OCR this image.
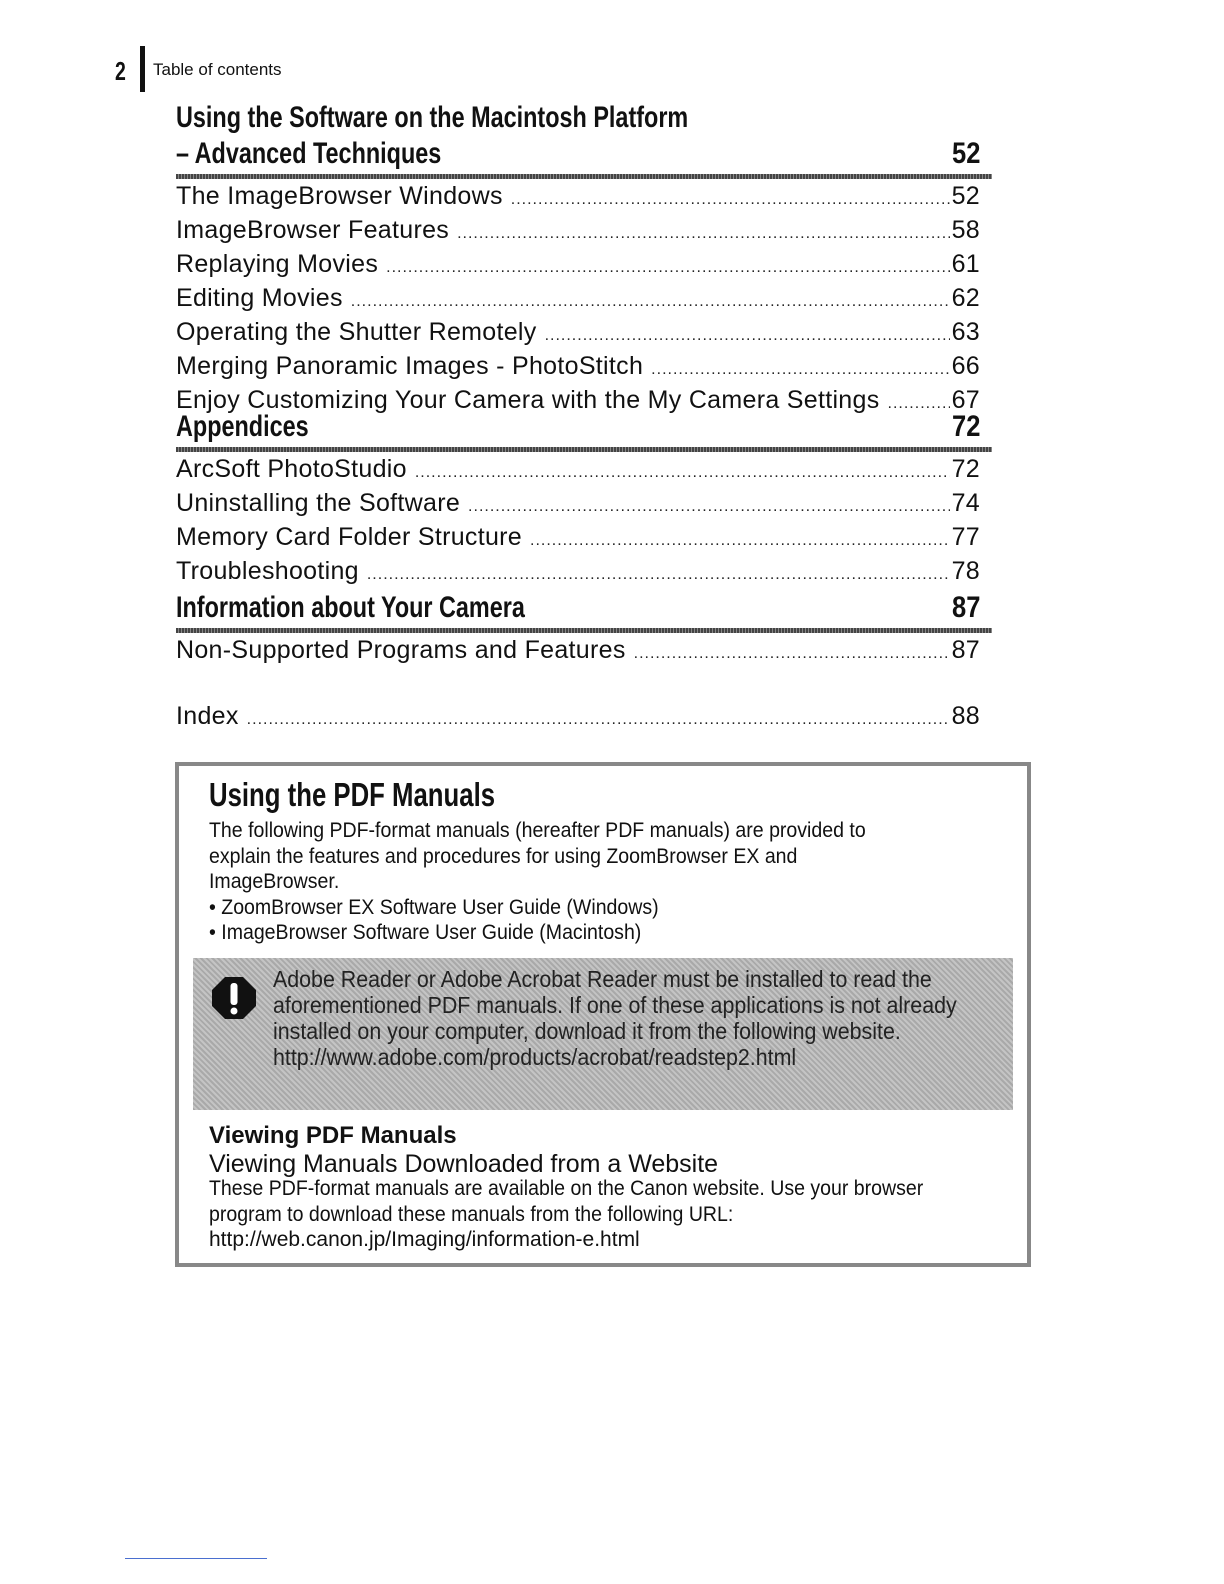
2 Table of contents
Using the Software on the Macintosh Platform
– Advanced Techniques	52
The ImageBrowser Windows .....	52
ImageBrowser Features .....	58
Replaying Movies .....	61
Editing Movies .....	62
Operating the Shutter Remotely .....	63
Merging Panoramic Images - PhotoStitch .....	66
Enjoy Customizing Your Camera with the My Camera Settings .....	67
Appendices	72
ArcSoft PhotoStudio .....	72
Uninstalling the Software .....	74
Memory Card Folder Structure .....	77
Troubleshooting .....	78
Information about Your Camera	87
Non-Supported Programs and Features .....	87
Index .....	88
Using the PDF Manuals
The following PDF-format manuals (hereafter PDF manuals) are provided to explain the features and procedures for using ZoomBrowser EX and ImageBrowser.
• ZoomBrowser EX Software User Guide (Windows)
• ImageBrowser Software User Guide (Macintosh)
Adobe Reader or Adobe Acrobat Reader must be installed to read the aforementioned PDF manuals. If one of these applications is not already installed on your computer, download it from the following website.
http://www.adobe.com/products/acrobat/readstep2.html
Viewing PDF Manuals
Viewing Manuals Downloaded from a Website
These PDF-format manuals are available on the Canon website. Use your browser program to download these manuals from the following URL:
http://web.canon.jp/Imaging/information-e.html
